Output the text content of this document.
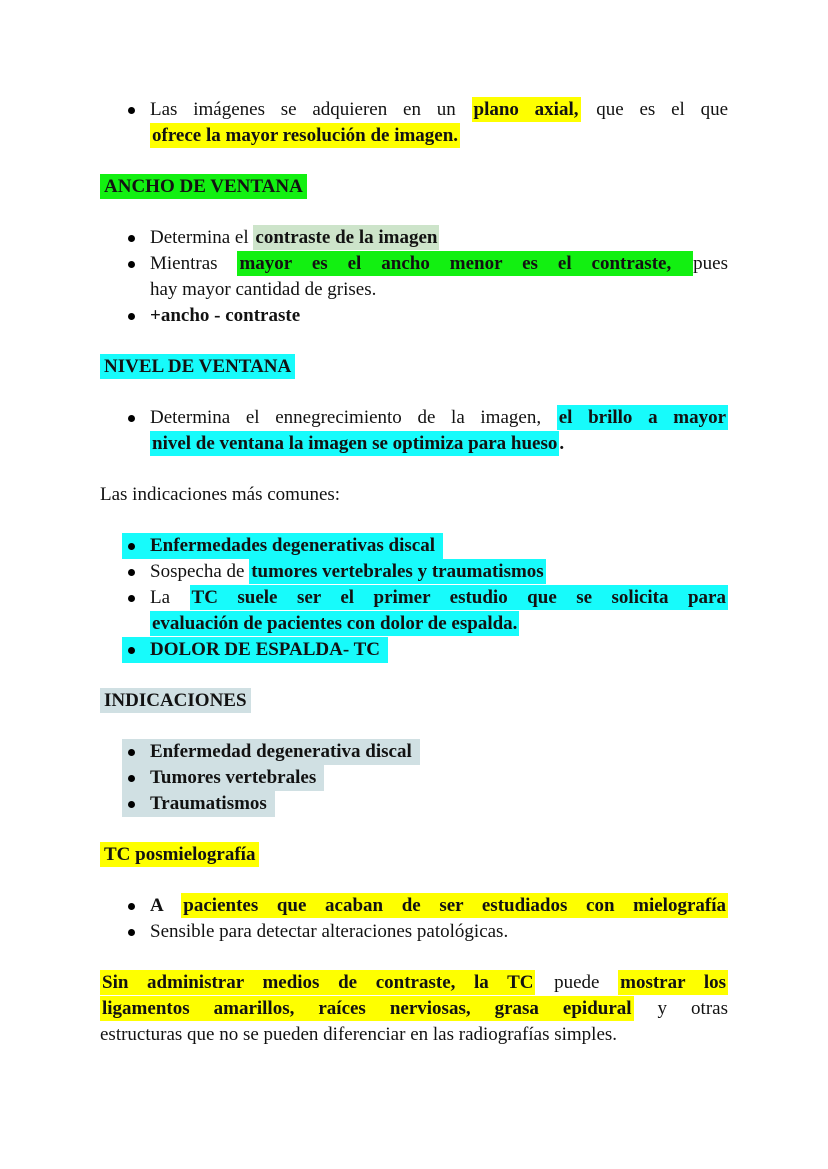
Las imágenes se adquieren en un plano axial, que es el que
ofrece la mayor resolución de imagen.
ANCHO DE VENTANA
Determina el contraste de la imagen
Mientras mayor es el ancho menor es el contraste, pues
hay mayor cantidad de grises.
+ancho - contraste
NIVEL DE VENTANA
Determina el ennegrecimiento de la imagen, el brillo a mayor
nivel de ventana la imagen se optimiza para hueso .
Las indicaciones más comunes:
Enfermedades degenerativas discal
Sospecha de tumores vertebrales y traumatismos
La TC suele ser el primer estudio que se solicita para
evaluación de pacientes con dolor de espalda.
DOLOR DE ESPALDA- TC
INDICACIONES
Enfermedad degenerativa discal
Tumores vertebrales
Traumatismos
TC posmielografía
A pacientes que acaban de ser estudiados con mielografía
Sensible para detectar alteraciones patológicas.
Sin administrar medios de contraste, la TC puede mostrar los
ligamentos amarillos, raíces nerviosas, grasa epidural y otras
estructuras que no se pueden diferenciar en las radiografías simples.
